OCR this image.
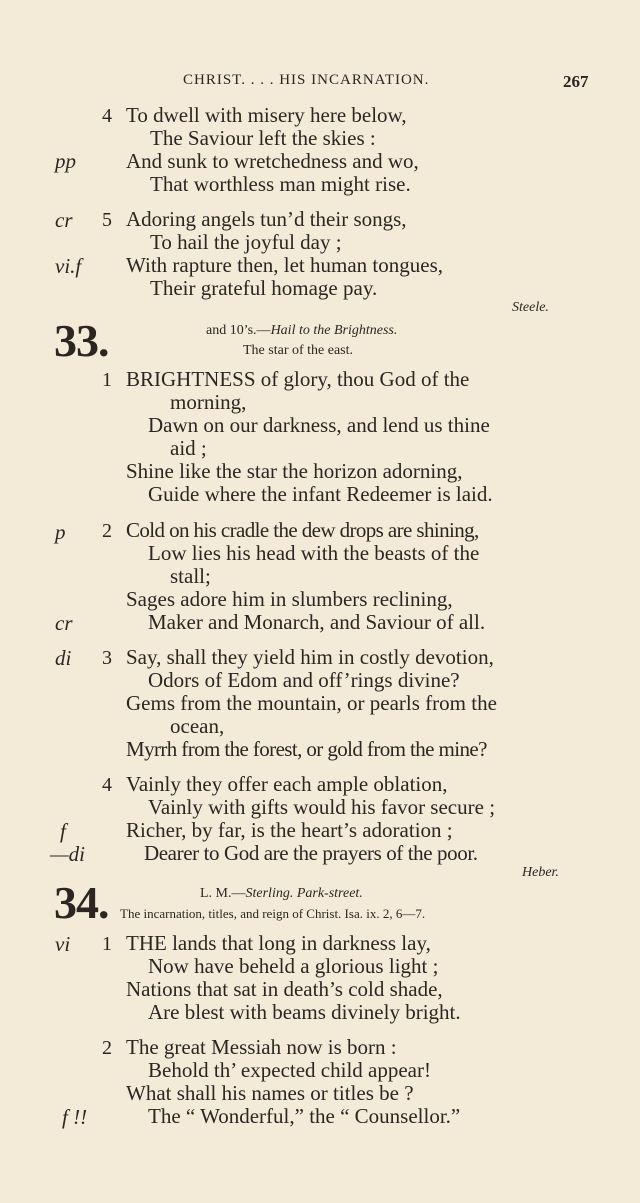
CHRIST. . . . HIS INCARNATION.	267
4 To dwell with misery here below,
The Saviour left the skies :
pp And sunk to wretchedness and wo,
That worthless man might rise.
cr 5 Adoring angels tun’d their songs,
To hail the joyful day ;
vi.f With rapture then, let human tongues,
Their grateful homage pay.
Steele.
33.	and 10’s.—Hail to the Brightness.
The star of the east.
1 BRIGHTNESS of glory, thou God of the
morning,
Dawn on our darkness, and lend us thine
aid ;
Shine like the star the horizon adorning,
Guide where the infant Redeemer is laid.
p 2 Cold on his cradle the dew drops are shining,
Low lies his head with the beasts of the
stall;
Sages adore him in slumbers reclining,
cr	Maker and Monarch, and Saviour of all.
di 3 Say, shall they yield him in costly devotion,
Odors of Edom and off’rings divine?
Gems from the mountain, or pearls from the
ocean,
Myrrh from the forest, or gold from the mine?
4 Vainly they offer each ample oblation,
Vainly with gifts would his favor secure ;
f	Richer, by far, is the heart’s adoration ;
—di	Dearer to God are the prayers of the poor.
Heber.
34.	L. M.—Sterling. Park-street.
The incarnation, titles, and reign of Christ. Isa. ix. 2, 6—7.
vi 1 THE lands that long in darkness lay,
Now have beheld a glorious light ;
Nations that sat in death’s cold shade,
Are blest with beams divinely bright.
2 The great Messiah now is born :
Behold th’ expected child appear!
What shall his names or titles be ?
f !!	The “ Wonderful,” the “ Counsellor.”
